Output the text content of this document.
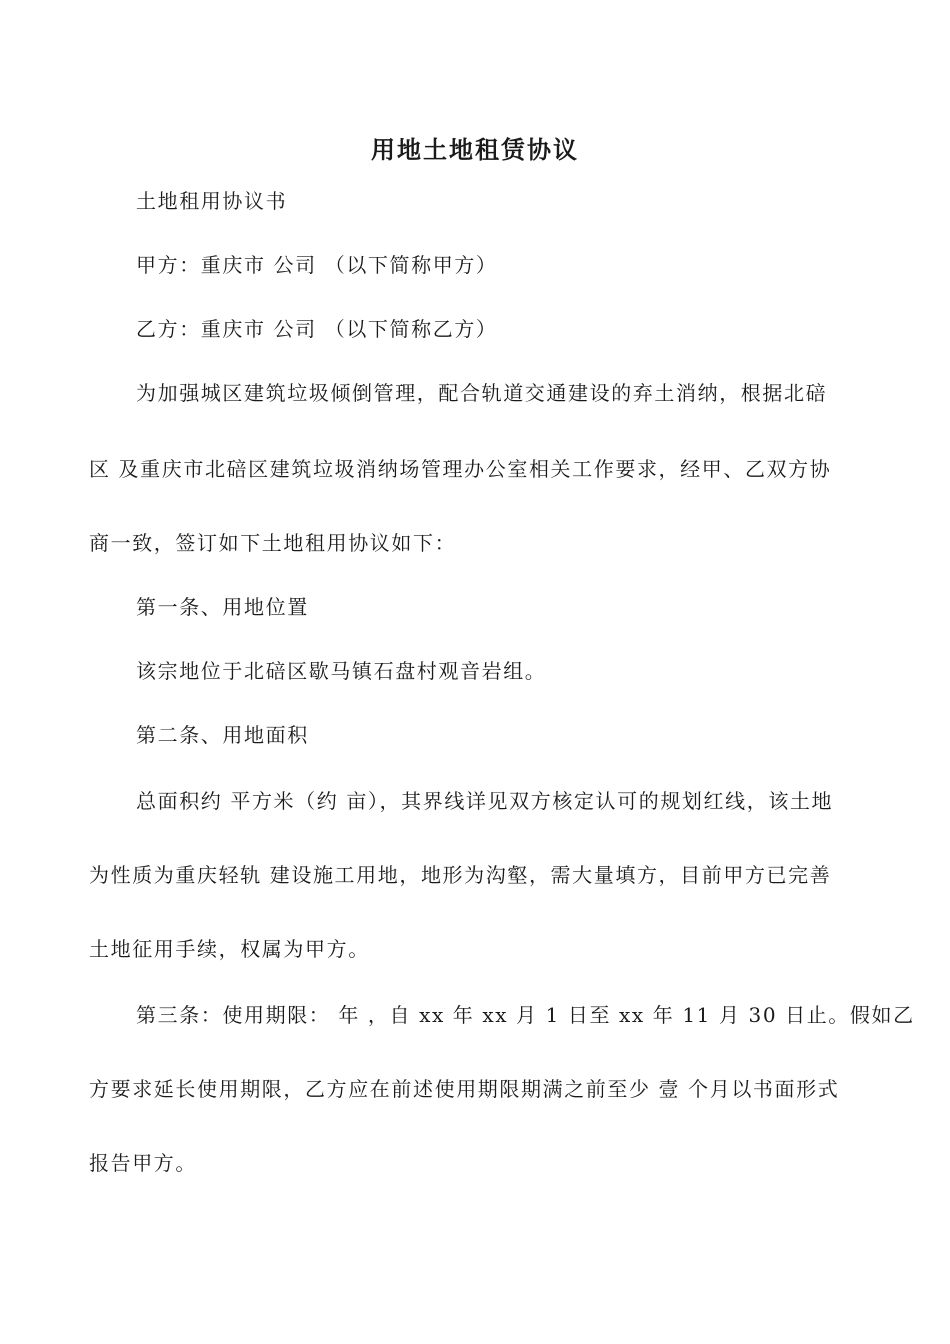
用地土地租赁协议
土地租用协议书
甲方：重庆市 公司 （以下简称甲方）
乙方：重庆市 公司 （以下简称乙方）
为加强城区建筑垃圾倾倒管理，配合轨道交通建设的弃土消纳，根据北碚
区 及重庆市北碚区建筑垃圾消纳场管理办公室相关工作要求，经甲、乙双方协
商一致，签订如下土地租用协议如下：
第一条、用地位置
该宗地位于北碚区歇马镇石盘村观音岩组。
第二条、用地面积
总面积约 平方米（约 亩），其界线详见双方核定认可的规划红线，该土地
为性质为重庆轻轨 建设施工用地，地形为沟壑，需大量填方，目前甲方已完善
土地征用手续，权属为甲方。
第三条：使用期限： 年 ，自 xx 年 xx 月 1 日至 xx 年 11 月 30 日止。假如乙
方要求延长使用期限，乙方应在前述使用期限期满之前至少 壹 个月以书面形式
报告甲方。
